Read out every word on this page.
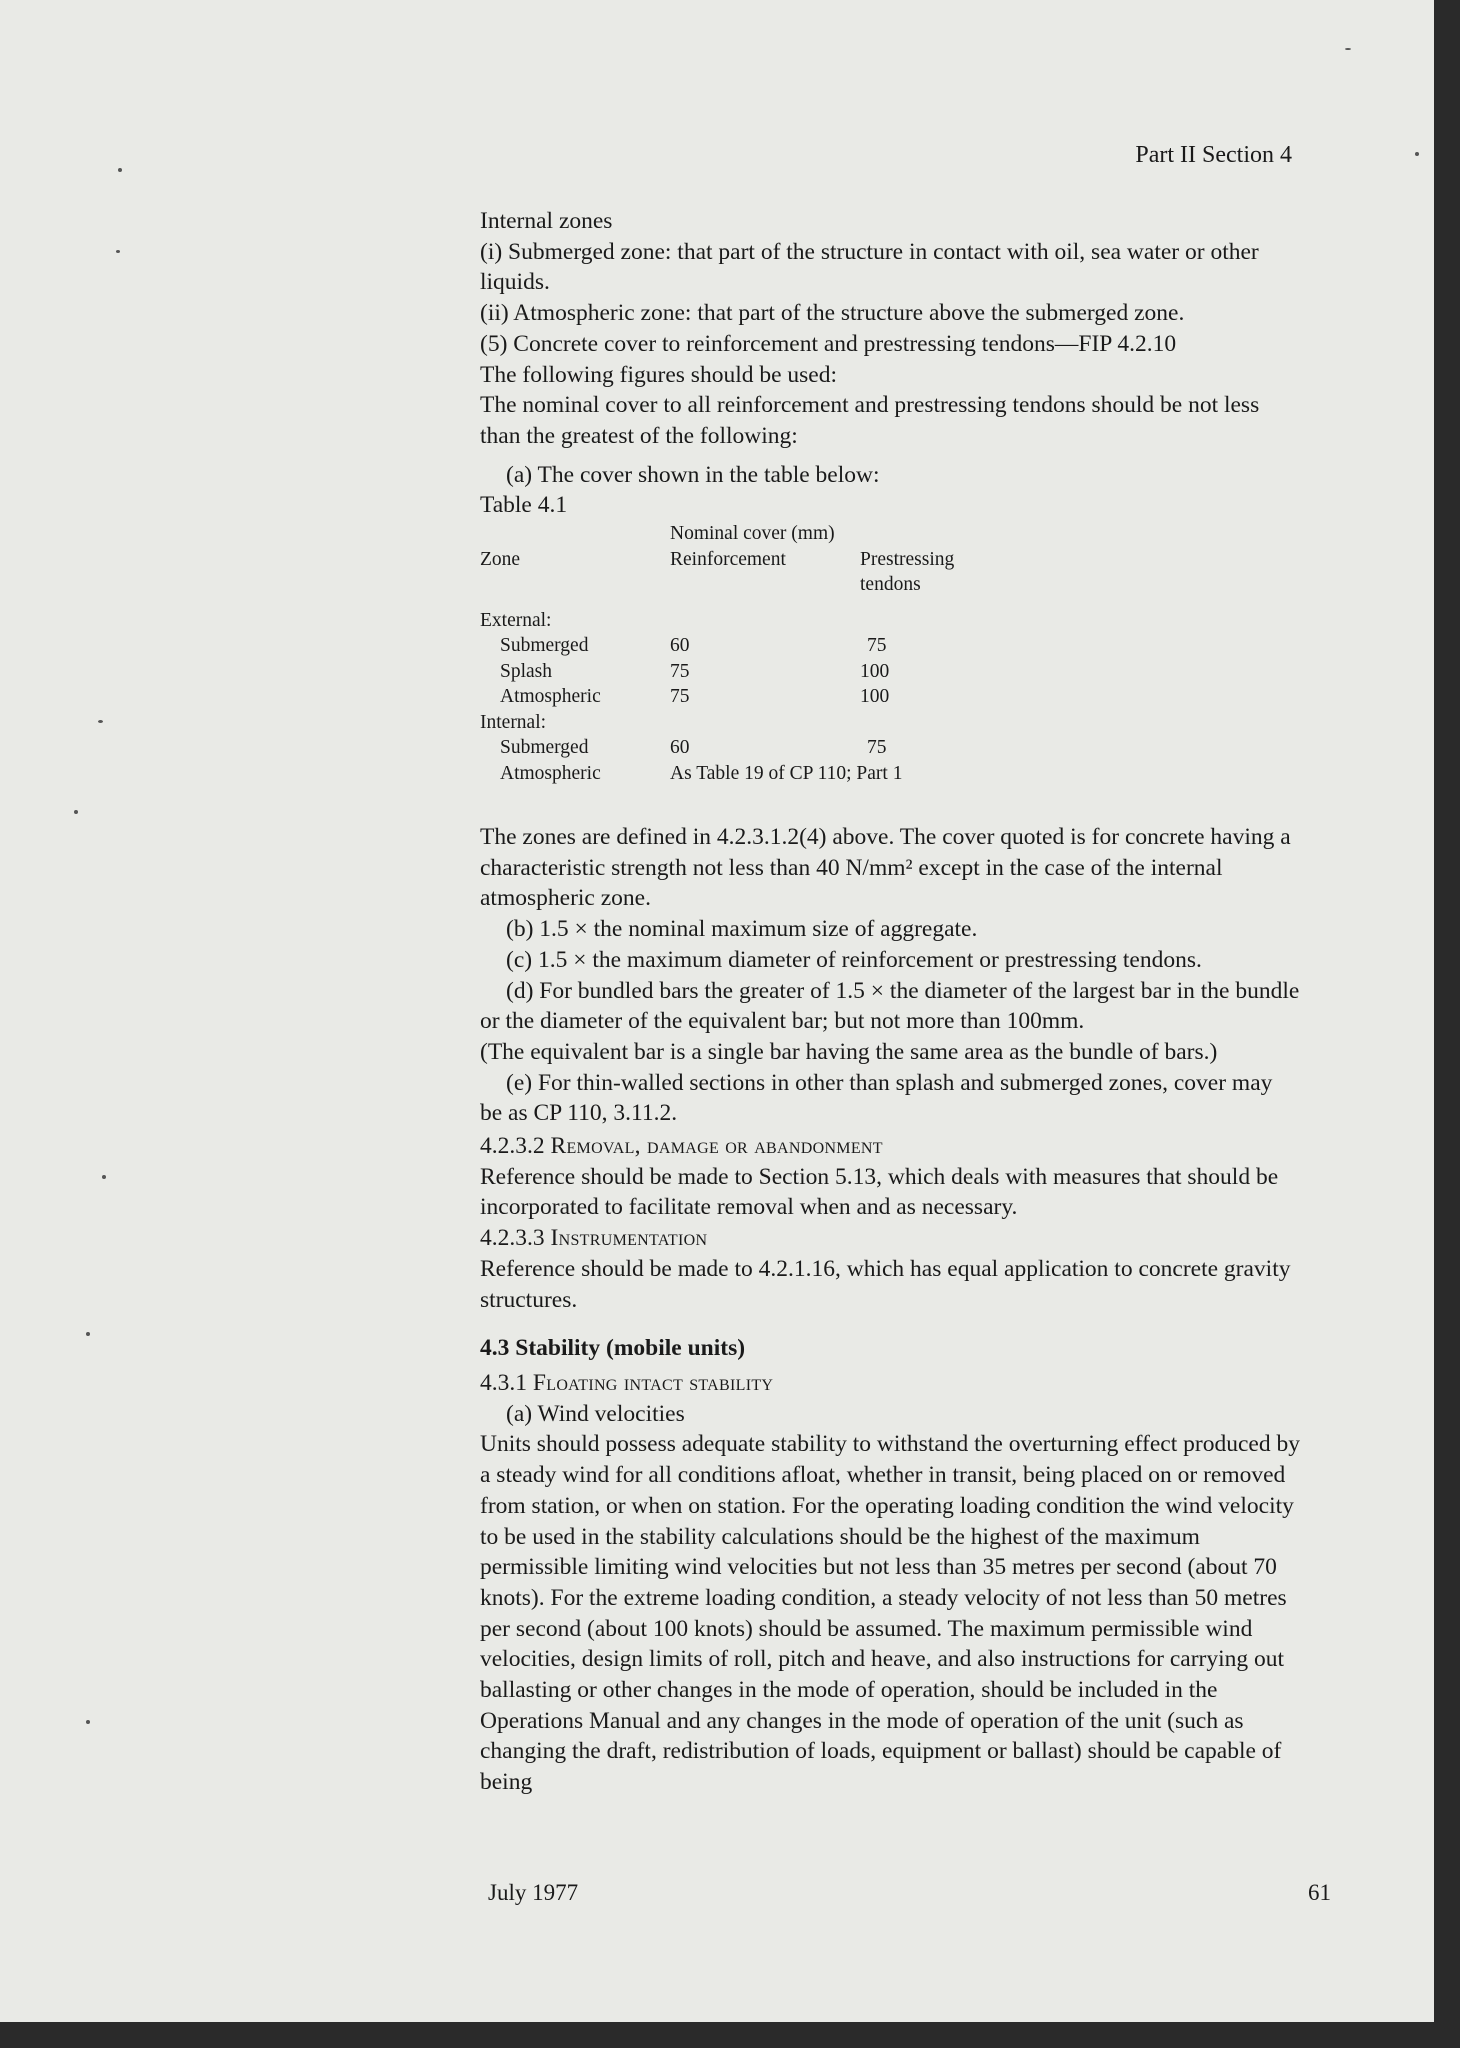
Part II Section 4

Internal zones

(i) Submerged zone: that part of the structure in contact with oil, sea water or other liquids.

(ii) Atmospheric zone: that part of the structure above the submerged zone.

(5) Concrete cover to reinforcement and prestressing tendons—FIP 4.2.10

The following figures should be used:

The nominal cover to all reinforcement and prestressing tendons should be not less than the greatest of the following:

(a) The cover shown in the table below:

Table 4.1

	Nominal cover (mm)	
Zone	Reinforcement	Prestressing
		tendons

External:		
Submerged	60	75
Splash	75	100
Atmospheric	75	100
Internal:		
Submerged	60	75
Atmospheric	As Table 19 of CP 110; Part 1	

The zones are defined in 4.2.3.1.2(4) above. The cover quoted is for concrete having a characteristic strength not less than 40 N/mm² except in the case of the internal atmospheric zone.

(b) 1.5 × the nominal maximum size of aggregate.

(c) 1.5 × the maximum diameter of reinforcement or prestressing tendons.

(d) For bundled bars the greater of 1.5 × the diameter of the largest bar in the bundle or the diameter of the equivalent bar; but not more than 100mm.

(The equivalent bar is a single bar having the same area as the bundle of bars.)

(e) For thin-walled sections in other than splash and submerged zones, cover may be as CP 110, 3.11.2.

4.2.3.2 Removal, damage or abandonment

Reference should be made to Section 5.13, which deals with measures that should be incorporated to facilitate removal when and as necessary.

4.2.3.3 Instrumentation

Reference should be made to 4.2.1.16, which has equal application to concrete gravity structures.

4.3 Stability (mobile units)

4.3.1 Floating intact stability

(a) Wind velocities

Units should possess adequate stability to withstand the overturning effect produced by a steady wind for all conditions afloat, whether in transit, being placed on or removed from station, or when on station. For the operating loading condition the wind velocity to be used in the stability calculations should be the highest of the maximum permissible limiting wind velocities but not less than 35 metres per second (about 70 knots). For the extreme loading condition, a steady velocity of not less than 50 metres per second (about 100 knots) should be assumed. The maximum permissible wind velocities, design limits of roll, pitch and heave, and also instructions for carrying out ballasting or other changes in the mode of operation, should be included in the Operations Manual and any changes in the mode of operation of the unit (such as changing the draft, redistribution of loads, equipment or ballast) should be capable of being

July 1977	61
